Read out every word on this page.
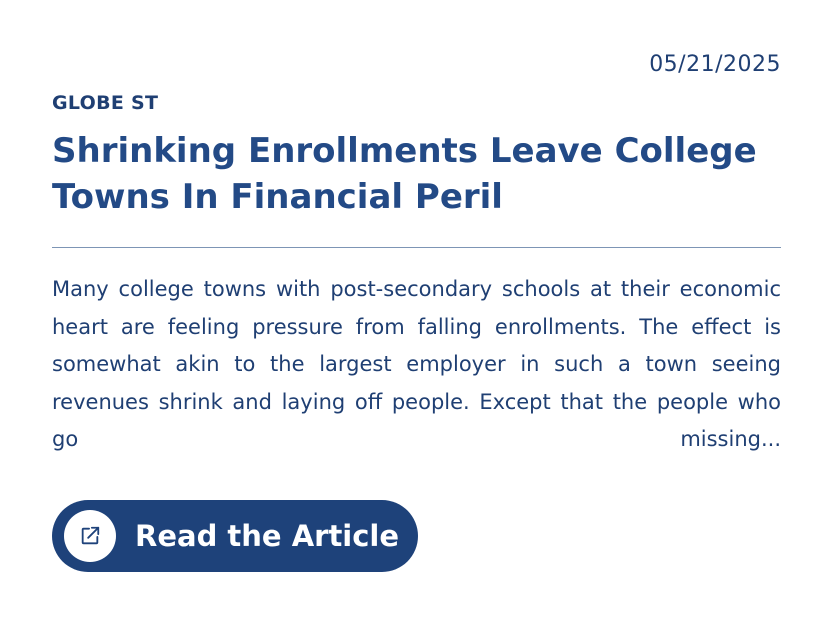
05/21/2025
GLOBE ST
Shrinking Enrollments Leave College Towns In Financial Peril

Many college towns with post-secondary schools at their economic heart are feeling pressure from falling enrollments. The effect is somewhat akin to the largest employer in such a town seeing revenues shrink and laying off people. Except that the people who go missing...

Read the Article
